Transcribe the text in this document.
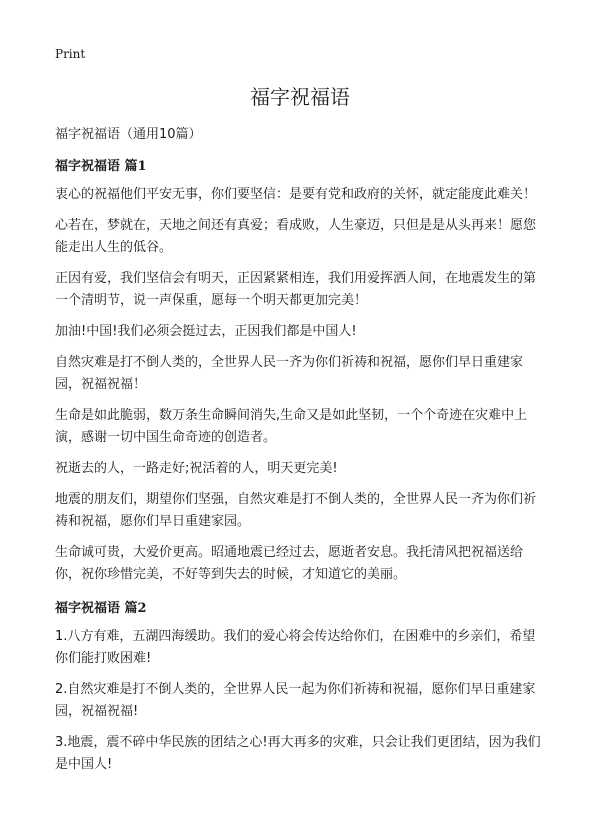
Print

福字祝福语

福字祝福语（通用10篇）

福字祝福语 篇1

衷心的祝福他们平安无事，你们要坚信：是要有党和政府的关怀，就定能度此难关！

心若在，梦就在，天地之间还有真爱；看成败，人生豪迈，只但是是从头再来！愿您能走出人生的低谷。

正因有爱，我们坚信会有明天，正因紧紧相连，我们用爱挥洒人间，在地震发生的第一个清明节，说一声保重，愿每一个明天都更加完美！

加油!中国!我们必须会挺过去，正因我们都是中国人!

自然灾难是打不倒人类的，全世界人民一齐为你们祈祷和祝福，愿你们早日重建家园，祝福祝福！

生命是如此脆弱，数万条生命瞬间消失,生命又是如此坚韧，一个个奇迹在灾难中上演，感谢一切中国生命奇迹的创造者。

祝逝去的人，一路走好;祝活着的人，明天更完美!

地震的朋友们，期望你们坚强，自然灾难是打不倒人类的，全世界人民一齐为你们祈祷和祝福，愿你们早日重建家园。

生命诚可贵，大爱价更高。昭通地震已经过去，愿逝者安息。我托清风把祝福送给你，祝你珍惜完美，不好等到失去的时候，才知道它的美丽。

福字祝福语 篇2

1.八方有难，五湖四海缓助。我们的爱心将会传达给你们，在困难中的乡亲们，希望你们能打败困难!

2.自然灾难是打不倒人类的，全世界人民一起为你们祈祷和祝福，愿你们早日重建家园，祝福祝福!

3.地震，震不碎中华民族的团结之心!再大再多的灾难，只会让我们更团结，因为我们是中国人!
